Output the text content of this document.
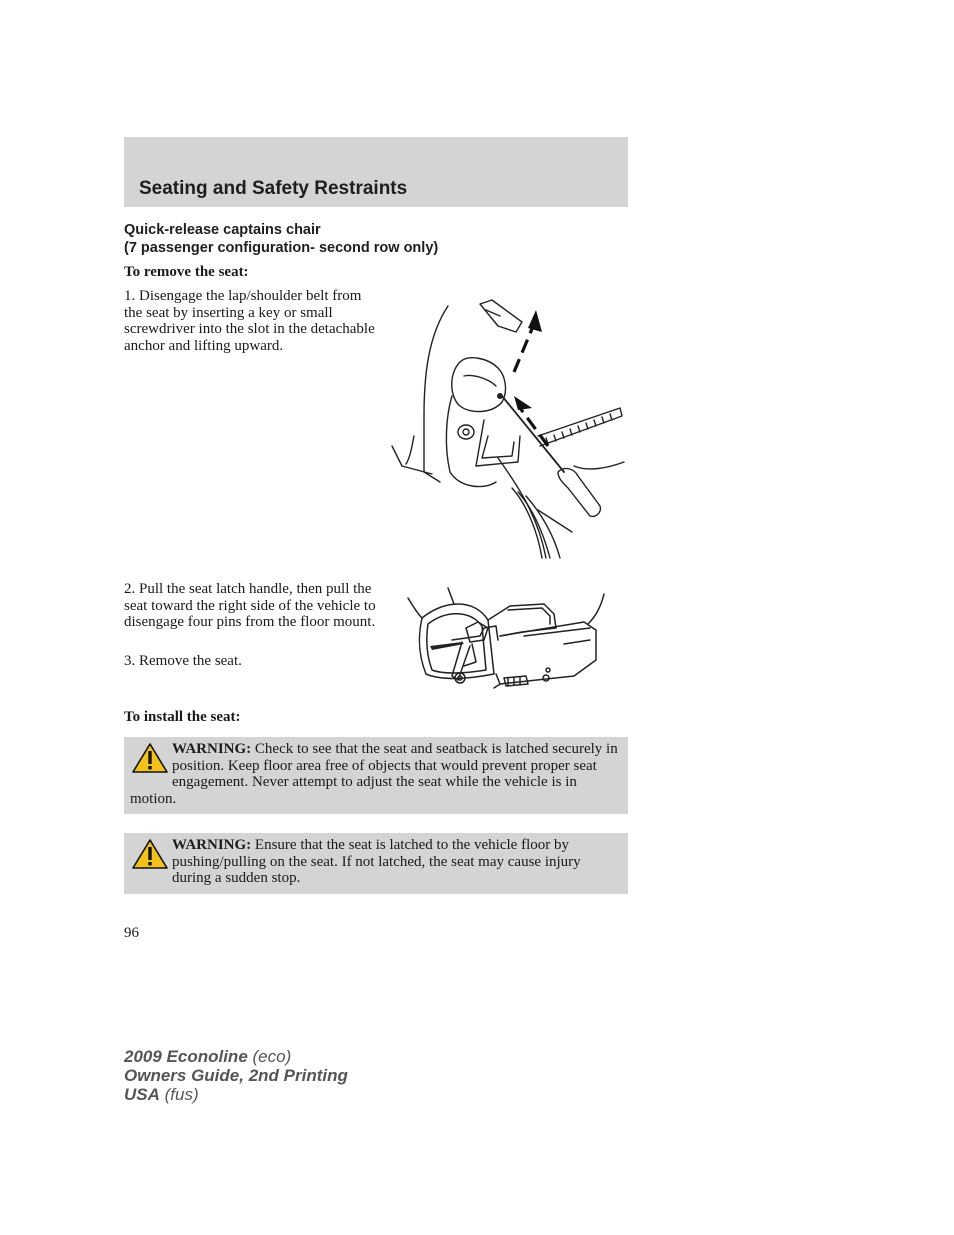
Seating and Safety Restraints
Quick-release captains chair
(7 passenger configuration- second row only)
To remove the seat:

1. Disengage the lap/shoulder belt from the seat by inserting a key or small screwdriver into the slot in the detachable anchor and lifting upward.

2. Pull the seat latch handle, then pull the seat toward the right side of the vehicle to disengage four pins from the floor mount.

3. Remove the seat.

To install the seat:

WARNING: Check to see that the seat and seatback is latched securely in position. Keep floor area free of objects that would prevent proper seat engagement. Never attempt to adjust the seat while the vehicle is in motion.

WARNING: Ensure that the seat is latched to the vehicle floor by pushing/pulling on the seat. If not latched, the seat may cause injury during a sudden stop.

96
2009 Econoline (eco)
Owners Guide, 2nd Printing
USA (fus)
